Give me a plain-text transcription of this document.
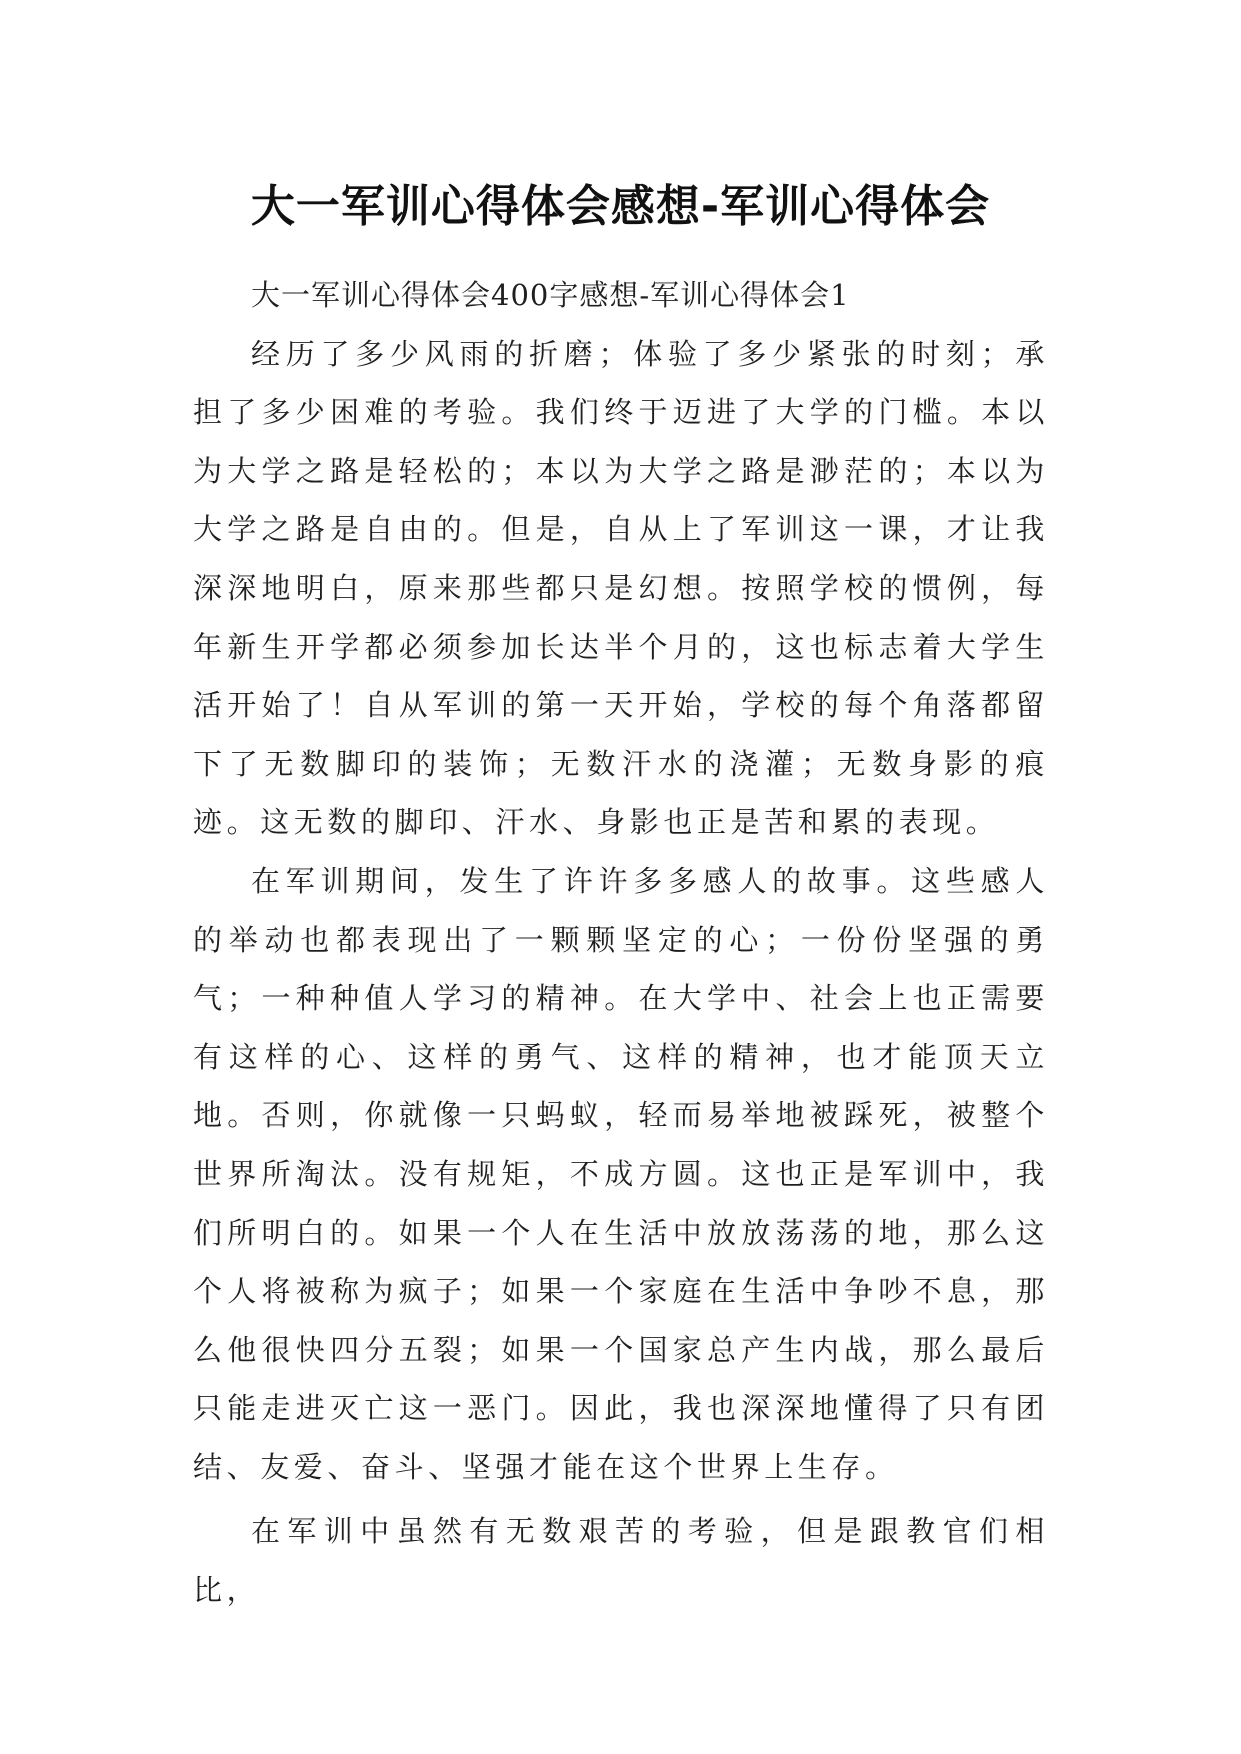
大一军训心得体会感想-军训心得体会

大一军训心得体会400字感想-军训心得体会1

经历了多少风雨的折磨；体验了多少紧张的时刻；承担了多少困难的考验。我们终于迈进了大学的门槛。本以为大学之路是轻松的；本以为大学之路是渺茫的；本以为大学之路是自由的。但是，自从上了军训这一课，才让我深深地明白，原来那些都只是幻想。按照学校的惯例，每年新生开学都必须参加长达半个月的，这也标志着大学生活开始了！自从军训的第一天开始，学校的每个角落都留下了无数脚印的装饰；无数汗水的浇灌；无数身影的痕迹。这无数的脚印、汗水、身影也正是苦和累的表现。

在军训期间，发生了许许多多感人的故事。这些感人的举动也都表现出了一颗颗坚定的心；一份份坚强的勇气；一种种值人学习的精神。在大学中、社会上也正需要有这样的心、这样的勇气、这样的精神，也才能顶天立地。否则，你就像一只蚂蚁，轻而易举地被踩死，被整个世界所淘汰。没有规矩，不成方圆。这也正是军训中，我们所明白的。如果一个人在生活中放放荡荡的地，那么这个人将被称为疯子；如果一个家庭在生活中争吵不息，那么他很快四分五裂；如果一个国家总产生内战，那么最后只能走进灭亡这一恶门。因此，我也深深地懂得了只有团结、友爱、奋斗、坚强才能在这个世界上生存。

在军训中虽然有无数艰苦的考验，但是跟教官们相比，
